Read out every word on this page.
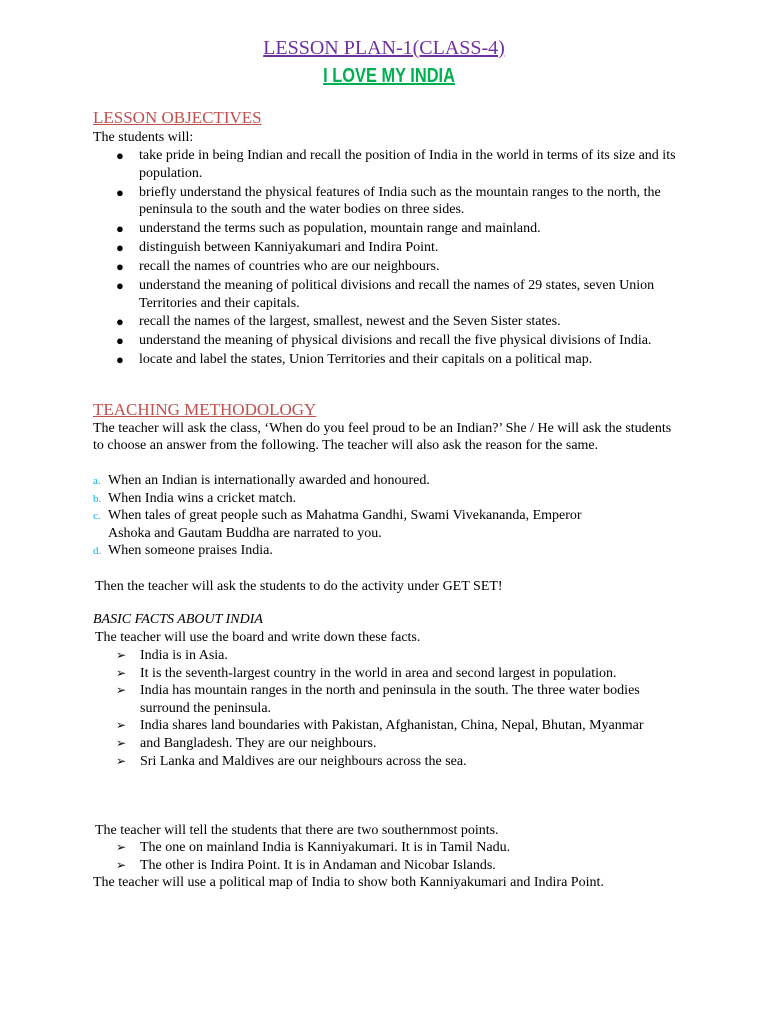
LESSON PLAN-1(CLASS-4)
I LOVE MY INDIA
LESSON OBJECTIVES
The students will:
● take pride in being Indian and recall the position of India in the world in terms of its size and its population.
● briefly understand the physical features of India such as the mountain ranges to the north, the peninsula to the south and the water bodies on three sides.
● understand the terms such as population, mountain range and mainland.
● distinguish between Kanniyakumari and Indira Point.
● recall the names of countries who are our neighbours.
● understand the meaning of political divisions and recall the names of 29 states, seven Union Territories and their capitals.
● recall the names of the largest, smallest, newest and the Seven Sister states.
● understand the meaning of physical divisions and recall the five physical divisions of India.
● locate and label the states, Union Territories and their capitals on a political map.
TEACHING METHODOLOGY
The teacher will ask the class, ‘When do you feel proud to be an Indian?’ She / He will ask the students to choose an answer from the following. The teacher will also ask the reason for the same.
a. When an Indian is internationally awarded and honoured.
b. When India wins a cricket match.
c. When tales of great people such as Mahatma Gandhi, Swami Vivekananda, Emperor
Ashoka and Gautam Buddha are narrated to you.
d. When someone praises India.
Then the teacher will ask the students to do the activity under GET SET!
BASIC FACTS ABOUT INDIA
The teacher will use the board and write down these facts.
➢ India is in Asia.
➢ It is the seventh-largest country in the world in area and second largest in population.
➢ India has mountain ranges in the north and peninsula in the south. The three water bodies surround the peninsula.
➢ India shares land boundaries with Pakistan, Afghanistan, China, Nepal, Bhutan, Myanmar
➢ and Bangladesh. They are our neighbours.
➢ Sri Lanka and Maldives are our neighbours across the sea.
The teacher will tell the students that there are two southernmost points.
➢ The one on mainland India is Kanniyakumari. It is in Tamil Nadu.
➢ The other is Indira Point. It is in Andaman and Nicobar Islands.
The teacher will use a political map of India to show both Kanniyakumari and Indira Point.
